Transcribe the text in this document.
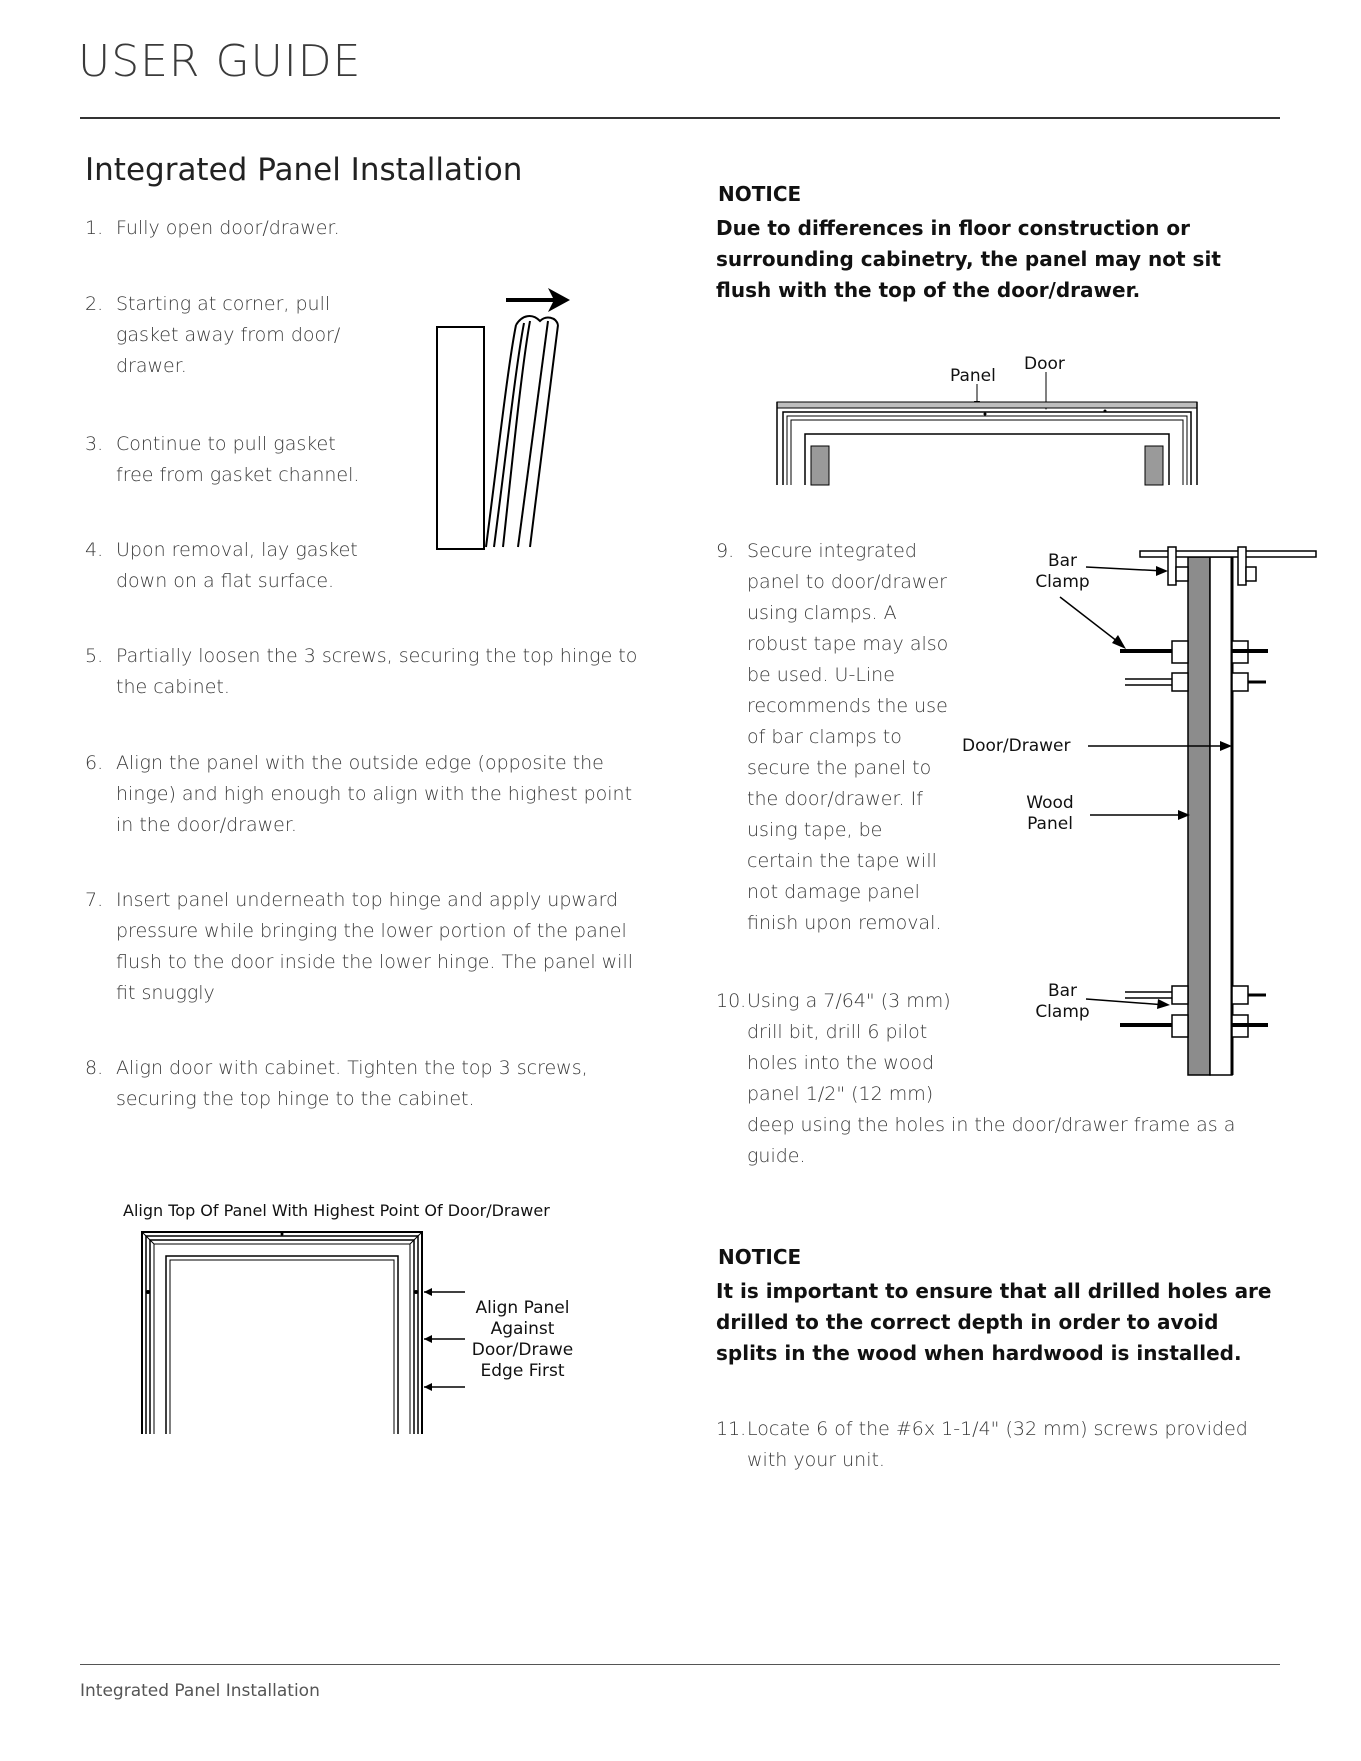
USER GUIDE
Integrated Panel Installation
1. Fully open door/drawer.
2. Starting at corner, pull
gasket away from door/
drawer.
3. Continue to pull gasket
free from gasket channel.
4. Upon removal, lay gasket
down on a flat surface.
5. Partially loosen the 3 screws, securing the top hinge to
the cabinet.
6. Align the panel with the outside edge (opposite the
hinge) and high enough to align with the highest point
in the door/drawer.
7. Insert panel underneath top hinge and apply upward
pressure while bringing the lower portion of the panel
flush to the door inside the lower hinge. The panel will
fit snuggly
8. Align door with cabinet. Tighten the top 3 screws,
securing the top hinge to the cabinet.
Align Top Of Panel With Highest Point Of Door/Drawer
Align Panel
Against
Door/Drawe
Edge First
NOTICE
Due to differences in floor construction or
surrounding cabinetry, the panel may not sit
flush with the top of the door/drawer.
Panel
Door
9. Secure integrated
panel to door/drawer
using clamps. A
robust tape may also
be used. U-Line
recommends the use
of bar clamps to
secure the panel to
the door/drawer. If
using tape, be
certain the tape will
not damage panel
finish upon removal.
10. Using a 7/64" (3 mm)
drill bit, drill 6 pilot
holes into the wood
panel 1/2" (12 mm)
deep using the holes in the door/drawer frame as a
guide.
Bar
Clamp
Door/Drawer
Wood
Panel
Bar
Clamp
NOTICE
It is important to ensure that all drilled holes are
drilled to the correct depth in order to avoid
splits in the wood when hardwood is installed.
11. Locate 6 of the #6x 1-1/4" (32 mm) screws provided
with your unit.
Integrated Panel Installation
